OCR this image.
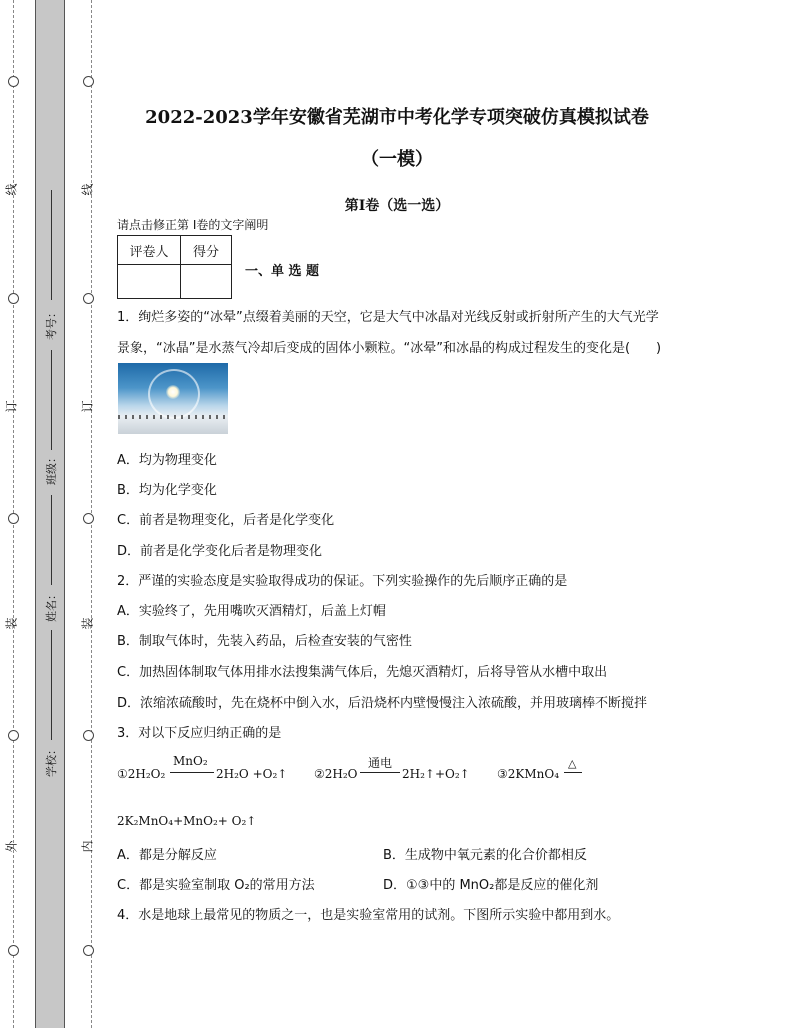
线
订
装
外
线
订
装
内
考号：
班级：
姓名：
学校：
2022-2023学年安徽省芜湖市中考化学专项突破仿真模拟试卷
（一模）
第I卷（选一选）
请点击修正第 I卷的文字阐明
评卷人	得分

一、单 选 题
1．绚烂多姿的“冰晕”点缀着美丽的天空，它是大气中冰晶对光线反射或折射所产生的大气光学
景象，“冰晶”是水蒸气冷却后变成的固体小颗粒。“冰晕”和冰晶的构成过程发生的变化是(　　)
A．均为物理变化
B．均为化学变化
C．前者是物理变化，后者是化学变化
D．前者是化学变化后者是物理变化
2．严谨的实验态度是实验取得成功的保证。下列实验操作的先后顺序正确的是
A．实验终了，先用嘴吹灭酒精灯，后盖上灯帽
B．制取气体时，先装入药品，后检查安装的气密性
C．加热固体制取气体用排水法搜集满气体后，先熄灭酒精灯，后将导管从水槽中取出
D．浓缩浓硫酸时，先在烧杯中倒入水，后沿烧杯内壁慢慢注入浓硫酸，并用玻璃棒不断搅拌
3．对以下反应归纳正确的是
①2H₂O₂
MnO₂
2H₂O +O₂↑ ②2H₂O
通电
2H₂↑+O₂↑ ③2KMnO₄
△
2K₂MnO₄+MnO₂+ O₂↑
A．都是分解反应	B．生成物中氧元素的化合价都相反
C．都是实验室制取 O₂的常用方法	D．①③中的 MnO₂都是反应的催化剂
4．水是地球上最常见的物质之一，也是实验室常用的试剂。下图所示实验中都用到水。
